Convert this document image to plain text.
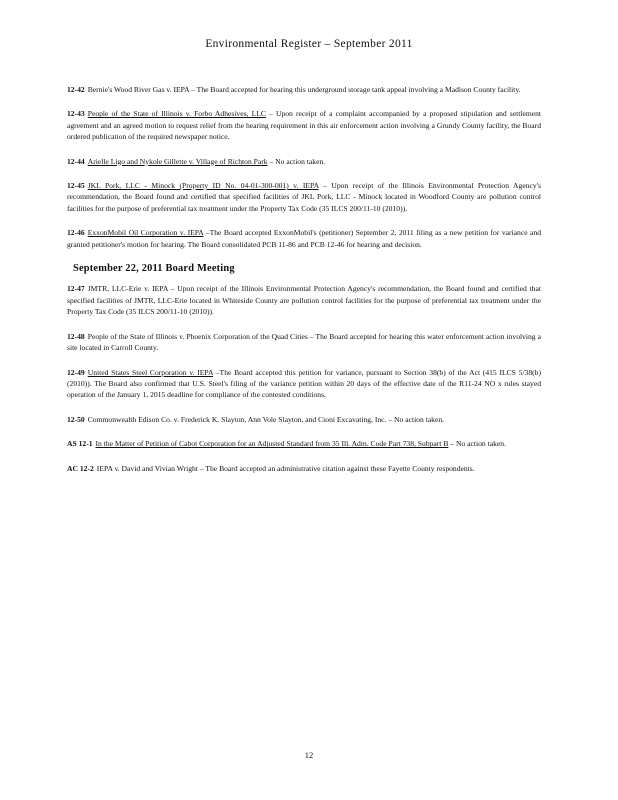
Environmental Register – September 2011
12-42 Bernie's Wood River Gas v. IEPA – The Board accepted for hearing this underground storage tank appeal involving a Madison County facility.
12-43 People of the State of Illinois v. Forbo Adhesives, LLC – Upon receipt of a complaint accompanied by a proposed stipulation and settlement agreement and an agreed motion to request relief from the hearing requirement in this air enforcement action involving a Grundy County facility, the Board ordered publication of the required newspaper notice.
12-44 Arielle Ligo and Nykole Gillette v. Village of Richton Park – No action taken.
12-45 JKL Pork, LLC - Minock (Property ID No. 04-01-300-001) v. IEPA – Upon receipt of the Illinois Environmental Protection Agency's recommendation, the Board found and certified that specified facilities of JKL Pork, LLC - Minock located in Woodford County are pollution control facilities for the purpose of preferential tax treatment under the Property Tax Code (35 ILCS 200/11-10 (2010)).
12-46 ExxonMobil Oil Corporation v. IEPA –The Board accepted ExxonMobil's (petitioner) September 2, 2011 filing as a new petition for variance and granted petitioner's motion for hearing. The Board consolidated PCB 11-86 and PCB 12-46 for hearing and decision.
September 22, 2011 Board Meeting
12-47 JMTR, LLC-Erie v. IEPA – Upon receipt of the Illinois Environmental Protection Agency's recommendation, the Board found and certified that specified facilities of JMTR, LLC-Erie located in Whiteside County are pollution control facilities for the purpose of preferential tax treatment under the Property Tax Code (35 ILCS 200/11-10 (2010)).
12-48 People of the State of Illinois v. Phoenix Corporation of the Quad Cities – The Board accepted for hearing this water enforcement action involving a site located in Carroll County.
12-49 United States Steel Corporation v. IEPA –The Board accepted this petition for variance, pursuant to Section 38(b) of the Act (415 ILCS 5/38(b) (2010)). The Board also confirmed that U.S. Steel's filing of the variance petition within 20 days of the effective date of the R11-24 NO x rules stayed operation of the January 1, 2015 deadline for compliance of the contested conditions.
12-50 Commonwealth Edison Co. v. Frederick K. Slayton, Ann Vole Slayton, and Cioni Excavating, Inc. – No action taken.
AS 12-1 In the Matter of Petition of Cabot Corporation for an Adjusted Standard from 35 Ill. Adm. Code Part 738, Subpart B – No action taken.
AC 12-2 IEPA v. David and Vivian Wright – The Board accepted an administrative citation against these Fayette County respondents.
12
